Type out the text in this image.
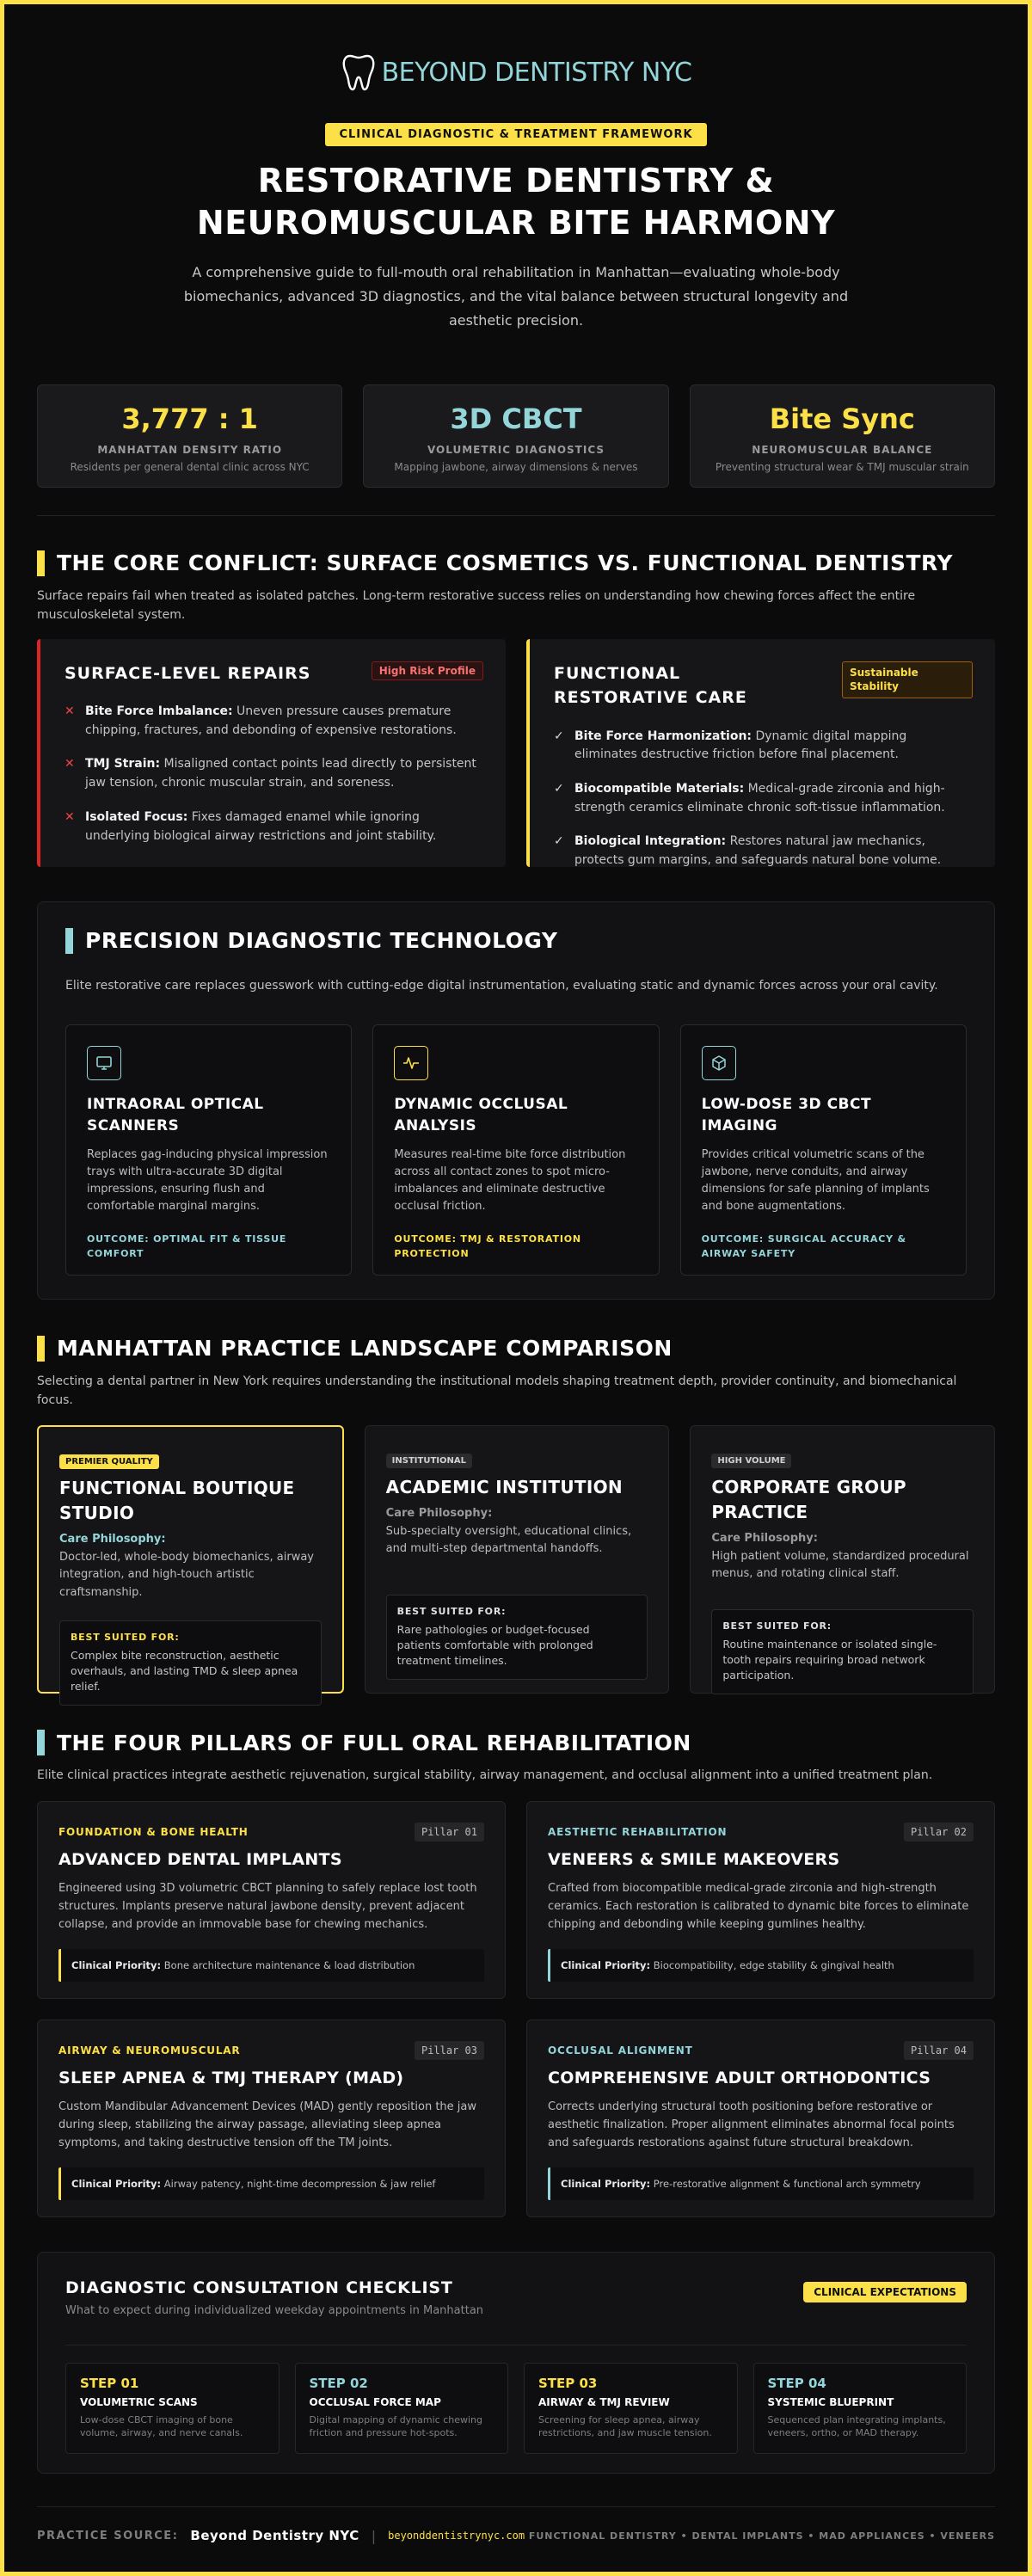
BEYOND DENTISTRY NYC
CLINICAL DIAGNOSTIC & TREATMENT FRAMEWORK
RESTORATIVE DENTISTRY &
NEUROMUSCULAR BITE HARMONY

A comprehensive guide to full-mouth oral rehabilitation in Manhattan—evaluating whole-body biomechanics, advanced 3D diagnostics, and the vital balance between structural longevity and aesthetic precision.

3,777 : 1
MANHATTAN DENSITY RATIO
Residents per general dental clinic across NYC
3D CBCT
VOLUMETRIC DIAGNOSTICS
Mapping jawbone, airway dimensions & nerves
Bite Sync
NEUROMUSCULAR BALANCE
Preventing structural wear & TMJ muscular strain
THE CORE CONFLICT: SURFACE COSMETICS VS. FUNCTIONAL DENTISTRY

Surface repairs fail when treated as isolated patches. Long-term restorative success relies on understanding how chewing forces affect the entire musculoskeletal system.

SURFACE-LEVEL REPAIRS	High Risk Profile
✕ Bite Force Imbalance: Uneven pressure causes premature chipping, fractures, and debonding of expensive restorations.
✕ TMJ Strain: Misaligned contact points lead directly to persistent jaw tension, chronic muscular strain, and soreness.
✕ Isolated Focus: Fixes damaged enamel while ignoring underlying biological airway restrictions and joint stability.
FUNCTIONAL RESTORATIVE CARE
Sustainable Stability
✓ Bite Force Harmonization: Dynamic digital mapping eliminates destructive friction before final placement.
✓ Biocompatible Materials: Medical-grade zirconia and high-strength ceramics eliminate chronic soft-tissue inflammation.
✓ Biological Integration: Restores natural jaw mechanics, protects gum margins, and safeguards natural bone volume.
PRECISION DIAGNOSTIC TECHNOLOGY

Elite restorative care replaces guesswork with cutting-edge digital instrumentation, evaluating static and dynamic forces across your oral cavity.

INTRAORAL OPTICAL SCANNERS

Replaces gag-inducing physical impression trays with ultra-accurate 3D digital impressions, ensuring flush and comfortable marginal margins.

OUTCOME: OPTIMAL FIT & TISSUE COMFORT
DYNAMIC OCCLUSAL ANALYSIS

Measures real-time bite force distribution across all contact zones to spot micro-imbalances and eliminate destructive occlusal friction.

OUTCOME: TMJ & RESTORATION PROTECTION
LOW-DOSE 3D CBCT IMAGING

Provides critical volumetric scans of the jawbone, nerve conduits, and airway dimensions for safe planning of implants and bone augmentations.

OUTCOME: SURGICAL ACCURACY & AIRWAY SAFETY
MANHATTAN PRACTICE LANDSCAPE COMPARISON

Selecting a dental partner in New York requires understanding the institutional models shaping treatment depth, provider continuity, and biomechanical focus.

PREMIER QUALITY
FUNCTIONAL BOUTIQUE STUDIO
Care Philosophy:
Doctor-led, whole-body biomechanics, airway integration, and high-touch artistic craftsmanship.
BEST SUITED FOR:
Complex bite reconstruction, aesthetic overhauls, and lasting TMD & sleep apnea relief.
INSTITUTIONAL
ACADEMIC INSTITUTION
Care Philosophy:
Sub-specialty oversight, educational clinics, and multi-step departmental handoffs.
BEST SUITED FOR:
Rare pathologies or budget-focused patients comfortable with prolonged treatment timelines.
HIGH VOLUME
CORPORATE GROUP PRACTICE
Care Philosophy:
High patient volume, standardized procedural menus, and rotating clinical staff.
BEST SUITED FOR:
Routine maintenance or isolated single-tooth repairs requiring broad network participation.
THE FOUR PILLARS OF FULL ORAL REHABILITATION

Elite clinical practices integrate aesthetic rejuvenation, surgical stability, airway management, and occlusal alignment into a unified treatment plan.

FOUNDATION & BONE HEALTH	Pillar 01
ADVANCED DENTAL IMPLANTS

Engineered using 3D volumetric CBCT planning to safely replace lost tooth structures. Implants preserve natural jawbone density, prevent adjacent collapse, and provide an immovable base for chewing mechanics.

Clinical Priority: Bone architecture maintenance & load distribution
AESTHETIC REHABILITATION	Pillar 02
VENEERS & SMILE MAKEOVERS

Crafted from biocompatible medical-grade zirconia and high-strength ceramics. Each restoration is calibrated to dynamic bite forces to eliminate chipping and debonding while keeping gumlines healthy.

Clinical Priority: Biocompatibility, edge stability & gingival health
AIRWAY & NEUROMUSCULAR	Pillar 03
SLEEP APNEA & TMJ THERAPY (MAD)

Custom Mandibular Advancement Devices (MAD) gently reposition the jaw during sleep, stabilizing the airway passage, alleviating sleep apnea symptoms, and taking destructive tension off the TM joints.

Clinical Priority: Airway patency, night-time decompression & jaw relief
OCCLUSAL ALIGNMENT	Pillar 04
COMPREHENSIVE ADULT ORTHODONTICS

Corrects underlying structural tooth positioning before restorative or aesthetic finalization. Proper alignment eliminates abnormal focal points and safeguards restorations against future structural breakdown.

Clinical Priority: Pre-restorative alignment & functional arch symmetry
DIAGNOSTIC CONSULTATION CHECKLIST
What to expect during individualized weekday appointments in Manhattan
CLINICAL EXPECTATIONS
STEP 01
VOLUMETRIC SCANS
Low-dose CBCT imaging of bone volume, airway, and nerve canals.
STEP 02
OCCLUSAL FORCE MAP
Digital mapping of dynamic chewing friction and pressure hot-spots.
STEP 03
AIRWAY & TMJ REVIEW
Screening for sleep apnea, airway restrictions, and jaw muscle tension.
STEP 04
SYSTEMIC BLUEPRINT
Sequenced plan integrating implants, veneers, ortho, or MAD therapy.
PRACTICE SOURCE: Beyond Dentistry NYC | beyonddentistrynyc.com FUNCTIONAL DENTISTRY • DENTAL IMPLANTS • MAD APPLIANCES • VENEERS
